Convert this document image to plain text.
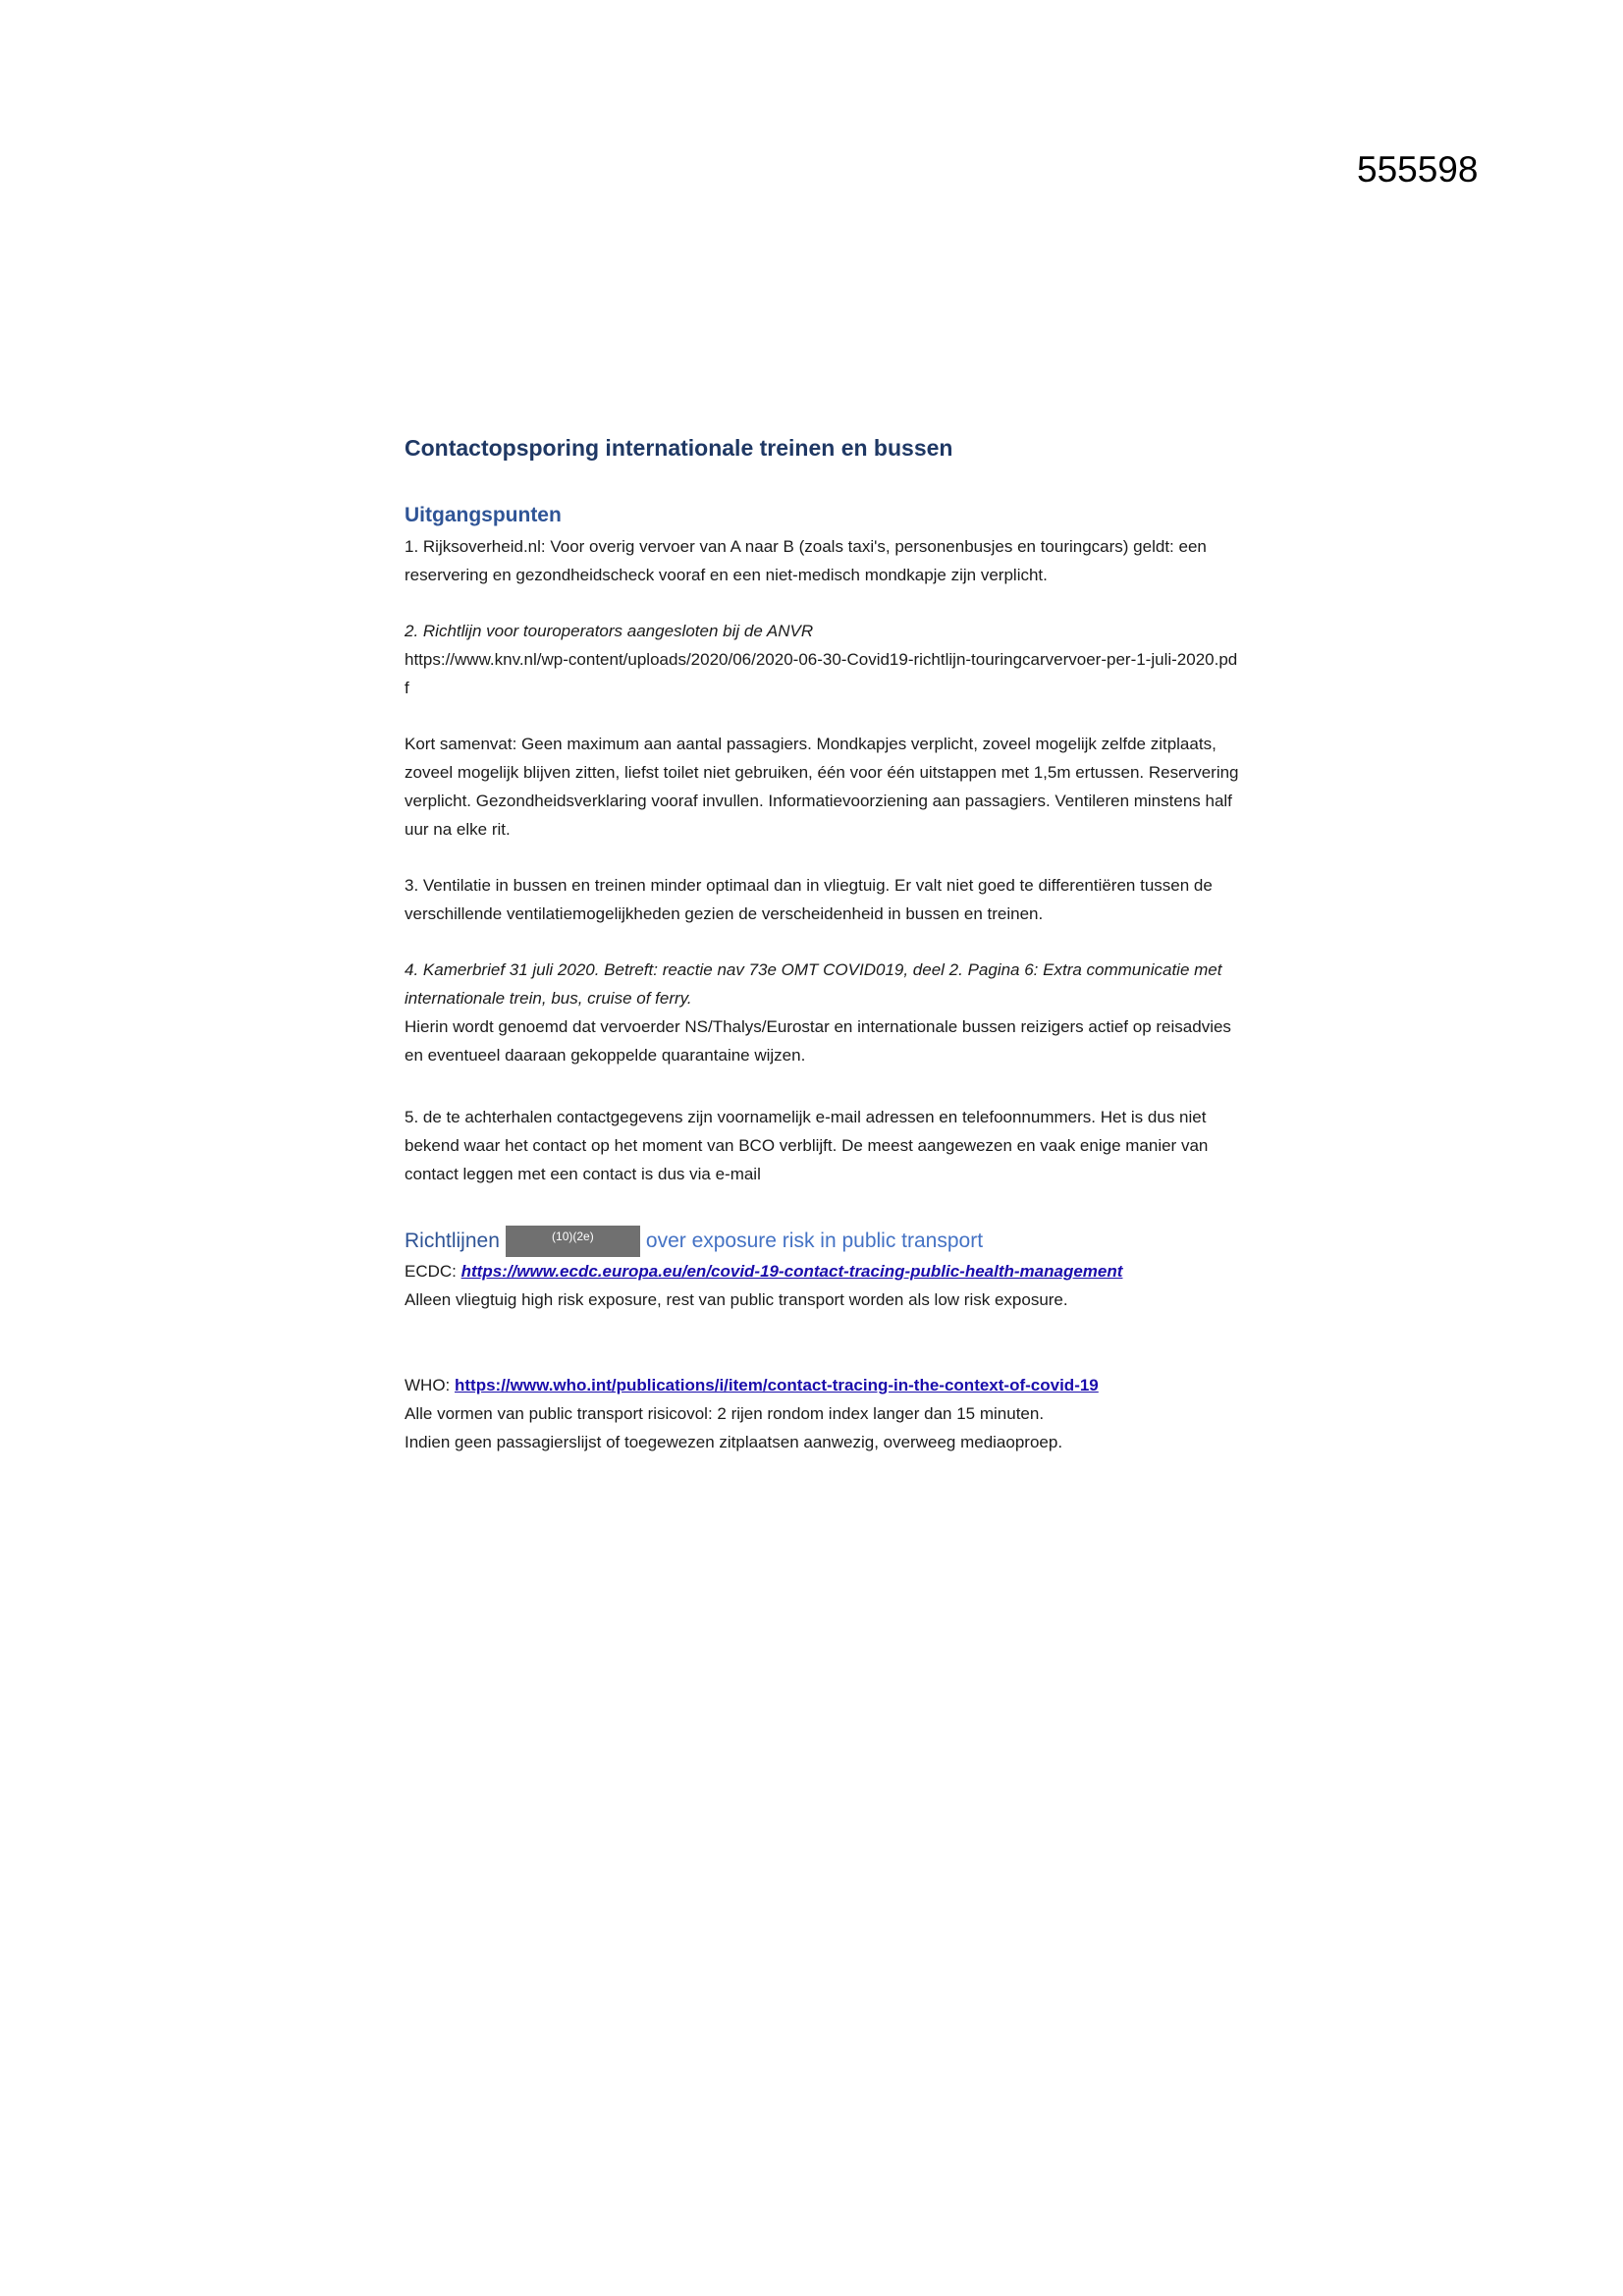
555598
Contactopsporing internationale treinen en bussen
Uitgangspunten

1. Rijksoverheid.nl: Voor overig vervoer van A naar B (zoals taxi's, personenbusjes en touringcars) geldt: een reservering en gezondheidscheck vooraf en een niet-medisch mondkapje zijn verplicht.

2. Richtlijn voor touroperators aangesloten bij de ANVR

https://www.knv.nl/wp-content/uploads/2020/06/2020-06-30-Covid19-richtlijn-touringcarvervoer-per-1-juli-2020.pdf

Kort samenvat: Geen maximum aan aantal passagiers. Mondkapjes verplicht, zoveel mogelijk zelfde zitplaats, zoveel mogelijk blijven zitten, liefst toilet niet gebruiken, één voor één uitstappen met 1,5m ertussen. Reservering verplicht. Gezondheidsverklaring vooraf invullen. Informatievoorziening aan passagiers. Ventileren minstens half uur na elke rit.

3. Ventilatie in bussen en treinen minder optimaal dan in vliegtuig. Er valt niet goed te differentiëren tussen de verschillende ventilatiemogelijkheden gezien de verscheidenheid in bussen en treinen.

4. Kamerbrief 31 juli 2020. Betreft: reactie nav 73e OMT COVID019, deel 2. Pagina 6: Extra communicatie met internationale trein, bus, cruise of ferry.

Hierin wordt genoemd dat vervoerder NS/Thalys/Eurostar en internationale bussen reizigers actief op reisadvies en eventueel daaraan gekoppelde quarantaine wijzen.

5. de te achterhalen contactgegevens zijn voornamelijk e-mail adressen en telefoonnummers. Het is dus niet bekend waar het contact op het moment van BCO verblijft. De meest aangewezen en vaak enige manier van contact leggen met een contact is dus via e-mail

Richtlijnen	(10)(2e)	over exposure risk in public transport

ECDC: https://www.ecdc.europa.eu/en/covid-19-contact-tracing-public-health-management

Alleen vliegtuig high risk exposure, rest van public transport worden als low risk exposure.

WHO: https://www.who.int/publications/i/item/contact-tracing-in-the-context-of-covid-19

Alle vormen van public transport risicovol: 2 rijen rondom index langer dan 15 minuten.

Indien geen passagierslijst of toegewezen zitplaatsen aanwezig, overweeg mediaoproep.
